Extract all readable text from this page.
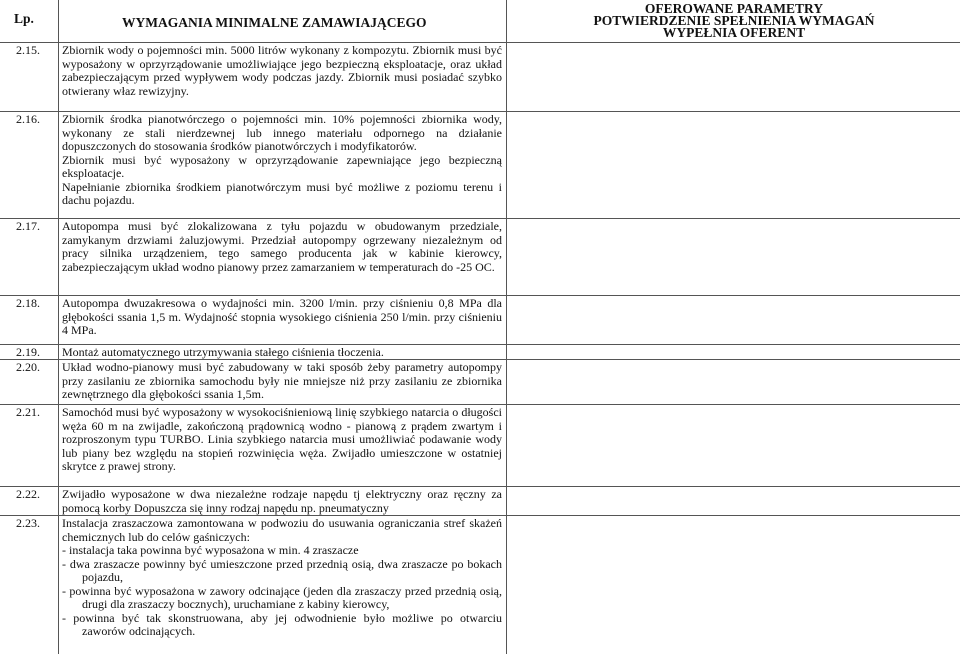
Lp.	WYMAGANIA MINIMALNE ZAMAWIAJĄCEGO
OFEROWANE PARAMETRY
POTWIERDZENIE SPEŁNIENIA WYMAGAŃ
WYPEŁNIA OFERENT
2.15.	Zbiornik wody o pojemności min. 5000 litrów wykonany z kompozytu. Zbiornik musi być wyposażony w oprzyrządowanie umożliwiające jego bezpieczną eksploatacje, oraz układ zabezpieczającym przed wypływem wody podczas jazdy. Zbiornik musi posiadać szybko otwierany właz rewizyjny.

2.16.	Zbiornik środka pianotwórczego o pojemności min. 10% pojemności zbiornika wody, wykonany ze stali nierdzewnej lub innego materiału odpornego na działanie dopuszczonych do stosowania środków pianotwórczych i modyfikatorów.

Zbiornik musi być wyposażony w oprzyrządowanie zapewniające jego bezpieczną eksploatacje.

Napełnianie zbiornika środkiem pianotwórczym musi być możliwe z poziomu terenu i dachu pojazdu.

2.17.	Autopompa musi być zlokalizowana z tyłu pojazdu w obudowanym przedziale, zamykanym drzwiami żaluzjowymi. Przedział autopompy ogrzewany niezależnym od pracy silnika urządzeniem, tego samego producenta jak w kabinie kierowcy, zabezpieczającym układ wodno pianowy przez zamarzaniem w temperaturach do -25 OC.

2.18.	Autopompa dwuzakresowa o wydajności min. 3200 l/min. przy ciśnieniu 0,8 MPa dla głębokości ssania 1,5 m. Wydajność stopnia wysokiego ciśnienia 250 l/min. przy ciśnieniu 4 MPa.

2.19.	Montaż automatycznego utrzymywania stałego ciśnienia tłoczenia.

2.20.	Układ wodno-pianowy musi być zabudowany w taki sposób żeby parametry autopompy przy zasilaniu ze zbiornika samochodu były nie mniejsze niż przy zasilaniu ze zbiornika zewnętrznego dla głębokości ssania 1,5m.

2.21.	Samochód musi być wyposażony w wysokociśnieniową linię szybkiego natarcia o długości węża 60 m na zwijadle, zakończoną prądownicą wodno - pianową z prądem zwartym i rozproszonym typu TURBO. Linia szybkiego natarcia musi umożliwiać podawanie wody lub piany bez względu na stopień rozwinięcia węża. Zwijadło umieszczone w ostatniej skrytce z prawej strony.

2.22.	Zwijadło wyposażone w dwa niezależne rodzaje napędu tj elektryczny oraz ręczny za pomocą korby Dopuszcza się inny rodzaj napędu np. pneumatyczny

2.23.	Instalacja zraszaczowa zamontowana w podwoziu do usuwania ograniczania stref skażeń chemicznych lub do celów gaśniczych:

- instalacja taka powinna być wyposażona w min. 4 zraszacze

- dwa zraszacze powinny być umieszczone przed przednią osią, dwa zraszacze po bokach pojazdu,

- powinna być wyposażona w zawory odcinające (jeden dla zraszaczy przed przednią osią, drugi dla zraszaczy bocznych), uruchamiane z kabiny kierowcy,

- powinna być tak skonstruowana, aby jej odwodnienie było możliwe po otwarciu zaworów odcinających.
